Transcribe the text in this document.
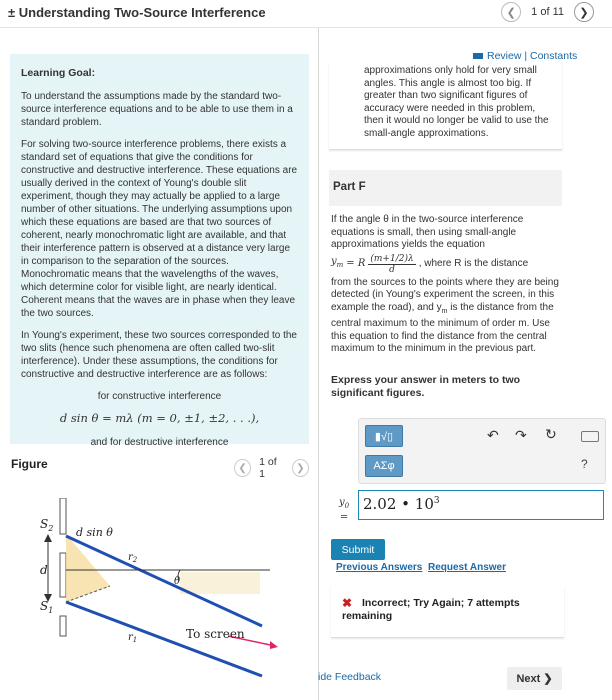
± Understanding Two-Source Interference	❮ 1 of 11 ❯
Learning Goal:

To understand the assumptions made by the standard two-source interference equations and to be able to use them in a standard problem.

For solving two-source interference problems, there exists a standard set of equations that give the conditions for constructive and destructive interference. These equations are usually derived in the context of Young's double slit experiment, though they may actually be applied to a large number of other situations. The underlying assumptions upon which these equations are based are that two sources of coherent, nearly monochromatic light are available, and that their interference pattern is observed at a distance very large in comparison to the separation of the sources. Monochromatic means that the wavelengths of the waves, which determine color for visible light, are nearly identical. Coherent means that the waves are in phase when they leave the two sources.

In Young's experiment, these two sources corresponded to the two slits (hence such phenomena are often called two-slit interference). Under these assumptions, the conditions for constructive and destructive interference are as follows:

for constructive interference
d sin θ = mλ (m = 0, ±1, ±2, . . .),
and for destructive interference
Figure	❮ 1 of 1	❯
$S_2$
d
$S_1$
d sin θ
$r_2$
$r_1$
θ
To screen
Review | Constants
approximations only hold for very small angles. This angle is almost too big. If greater than two significant figures of accuracy were needed in this problem, then it would no longer be valid to use the small-angle approximations.
Part F
If the angle θ in the two-source interference equations is small, then using small-angle approximations yields the equation
$y_m = R \frac{(m+1/2)\lambda}{d}$ , where R is the distance
from the sources to the points where they are being detected (in Young's experiment the screen, in this example the road), and $y_m$ is the distance from the central maximum to the minimum of order m. Use this equation to find the distance from the central maximum to the minimum in the previous part.
Express your answer in meters to two significant figures.
▮√▯
ΑΣφ
↶ ↷ ↻
?
$y_0$
=
2.02 • $10^3$
Submit
Previous Answers Request Answer
✖ Incorrect; Try Again; 7 attempts remaining
ide Feedback	Next ❯
